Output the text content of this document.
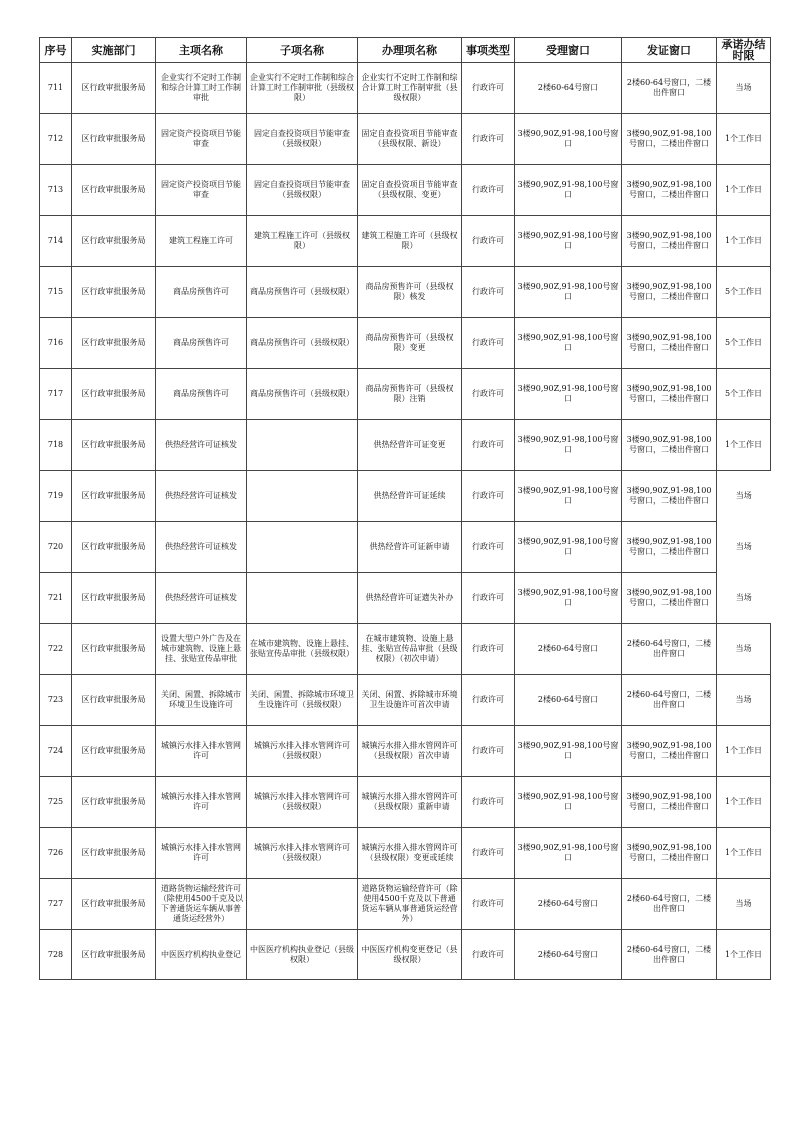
序号	实施部门	主项名称	子项名称	办理项名称	事项类型	受理窗口	发证窗口	承诺办结时限
711	区行政审批服务局	企业实行不定时工作制和综合计算工时工作制审批	企业实行不定时工作制和综合计算工时工作制审批（县级权限）	企业实行不定时工作制和综合计算工时工作制审批（县级权限）	行政许可	2楼60-64号窗口	2楼60-64号窗口，二楼出件窗口	当场
712	区行政审批服务局	固定资产投资项目节能审查	固定自查投资项目节能审查（县级权限）	固定自查投资项目节能审查（县级权限、新设）	行政许可	3楼90,90Z,91-98,100号窗口	3楼90,90Z,91-98,100号窗口，二楼出件窗口	1个工作日
713	区行政审批服务局	固定资产投资项目节能审查	固定自查投资项目节能审查（县级权限）	固定自查投资项目节能审查（县级权限、变更）	行政许可	3楼90,90Z,91-98,100号窗口	3楼90,90Z,91-98,100号窗口，二楼出件窗口	1个工作日
714	区行政审批服务局	建筑工程施工许可	建筑工程施工许可（县级权限）	建筑工程施工许可（县级权限）	行政许可	3楼90,90Z,91-98,100号窗口	3楼90,90Z,91-98,100号窗口，二楼出件窗口	1个工作日
715	区行政审批服务局	商品房预售许可	商品房预售许可（县级权限）	商品房预售许可（县级权限）核发	行政许可	3楼90,90Z,91-98,100号窗口	3楼90,90Z,91-98,100号窗口，二楼出件窗口	5个工作日
716	区行政审批服务局	商品房预售许可	商品房预售许可（县级权限）	商品房预售许可（县级权限）变更	行政许可	3楼90,90Z,91-98,100号窗口	3楼90,90Z,91-98,100号窗口，二楼出件窗口	5个工作日
717	区行政审批服务局	商品房预售许可	商品房预售许可（县级权限）	商品房预售许可（县级权限）注销	行政许可	3楼90,90Z,91-98,100号窗口	3楼90,90Z,91-98,100号窗口，二楼出件窗口	5个工作日
718	区行政审批服务局	供热经营许可证核发		供热经营许可证变更	行政许可	3楼90,90Z,91-98,100号窗口	3楼90,90Z,91-98,100号窗口，二楼出件窗口	1个工作日
719	区行政审批服务局	供热经营许可证核发		供热经营许可证延续	行政许可	3楼90,90Z,91-98,100号窗口	3楼90,90Z,91-98,100号窗口，二楼出件窗口	当场
720	区行政审批服务局	供热经营许可证核发		供热经营许可证新申请	行政许可	3楼90,90Z,91-98,100号窗口	3楼90,90Z,91-98,100号窗口，二楼出件窗口	当场
721	区行政审批服务局	供热经营许可证核发		供热经营许可证遗失补办	行政许可	3楼90,90Z,91-98,100号窗口	3楼90,90Z,91-98,100号窗口，二楼出件窗口	当场
722	区行政审批服务局	设置大型户外广告及在城市建筑物、设施上悬挂、张贴宣传品审批	在城市建筑物、设施上悬挂、张贴宣传品审批（县级权限）	在城市建筑物、设施上悬挂、张贴宣传品审批（县级权限）（初次申请）	行政许可	2楼60-64号窗口	2楼60-64号窗口，二楼出件窗口	当场
723	区行政审批服务局	关闭、闲置、拆除城市环境卫生设施许可	关闭、闲置、拆除城市环境卫生设施许可（县级权限）	关闭、闲置、拆除城市环境卫生设施许可首次申请	行政许可	2楼60-64号窗口	2楼60-64号窗口，二楼出件窗口	当场
724	区行政审批服务局	城镇污水排入排水管网许可	城镇污水排入排水管网许可（县级权限）	城镇污水排入排水管网许可（县级权限）首次申请	行政许可	3楼90,90Z,91-98,100号窗口	3楼90,90Z,91-98,100号窗口，二楼出件窗口	1个工作日
725	区行政审批服务局	城镇污水排入排水管网许可	城镇污水排入排水管网许可（县级权限）	城镇污水排入排水管网许可（县级权限）重新申请	行政许可	3楼90,90Z,91-98,100号窗口	3楼90,90Z,91-98,100号窗口，二楼出件窗口	1个工作日
726	区行政审批服务局	城镇污水排入排水管网许可	城镇污水排入排水管网许可（县级权限）	城镇污水排入排水管网许可（县级权限）变更或延续	行政许可	3楼90,90Z,91-98,100号窗口	3楼90,90Z,91-98,100号窗口，二楼出件窗口	1个工作日
727	区行政审批服务局	道路货物运输经营许可（除使用4500千克及以下普通货运车辆从事普通货运经营外）		道路货物运输经营许可（除使用4500千克及以下普通货运车辆从事普通货运经营外）	行政许可	2楼60-64号窗口	2楼60-64号窗口，二楼出件窗口	当场
728	区行政审批服务局	中医医疗机构执业登记	中医医疗机构执业登记（县级权限）	中医医疗机构变更登记（县级权限）	行政许可	2楼60-64号窗口	2楼60-64号窗口，二楼出件窗口	1个工作日
